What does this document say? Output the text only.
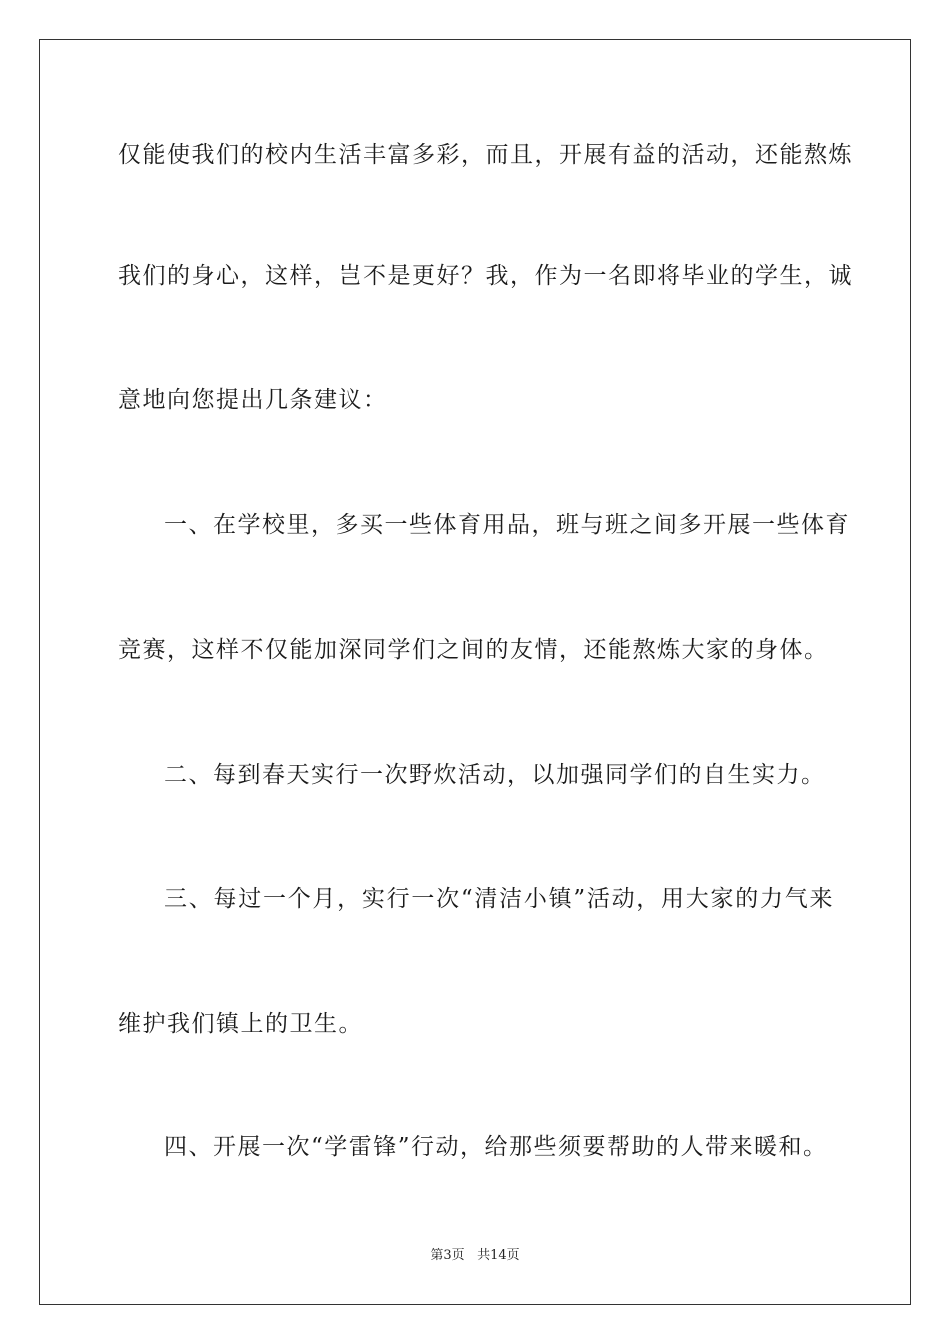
仅能使我们的校内生活丰富多彩，而且，开展有益的活动，还能熬炼
我们的身心，这样，岂不是更好？我，作为一名即将毕业的学生，诚
意地向您提出几条建议：
一、在学校里，多买一些体育用品，班与班之间多开展一些体育
竞赛，这样不仅能加深同学们之间的友情，还能熬炼大家的身体。
二、每到春天实行一次野炊活动，以加强同学们的自生实力。
三、每过一个月，实行一次“清洁小镇”活动，用大家的力气来
维护我们镇上的卫生。
四、开展一次“学雷锋”行动，给那些须要帮助的人带来暖和。
第3页 共14页
